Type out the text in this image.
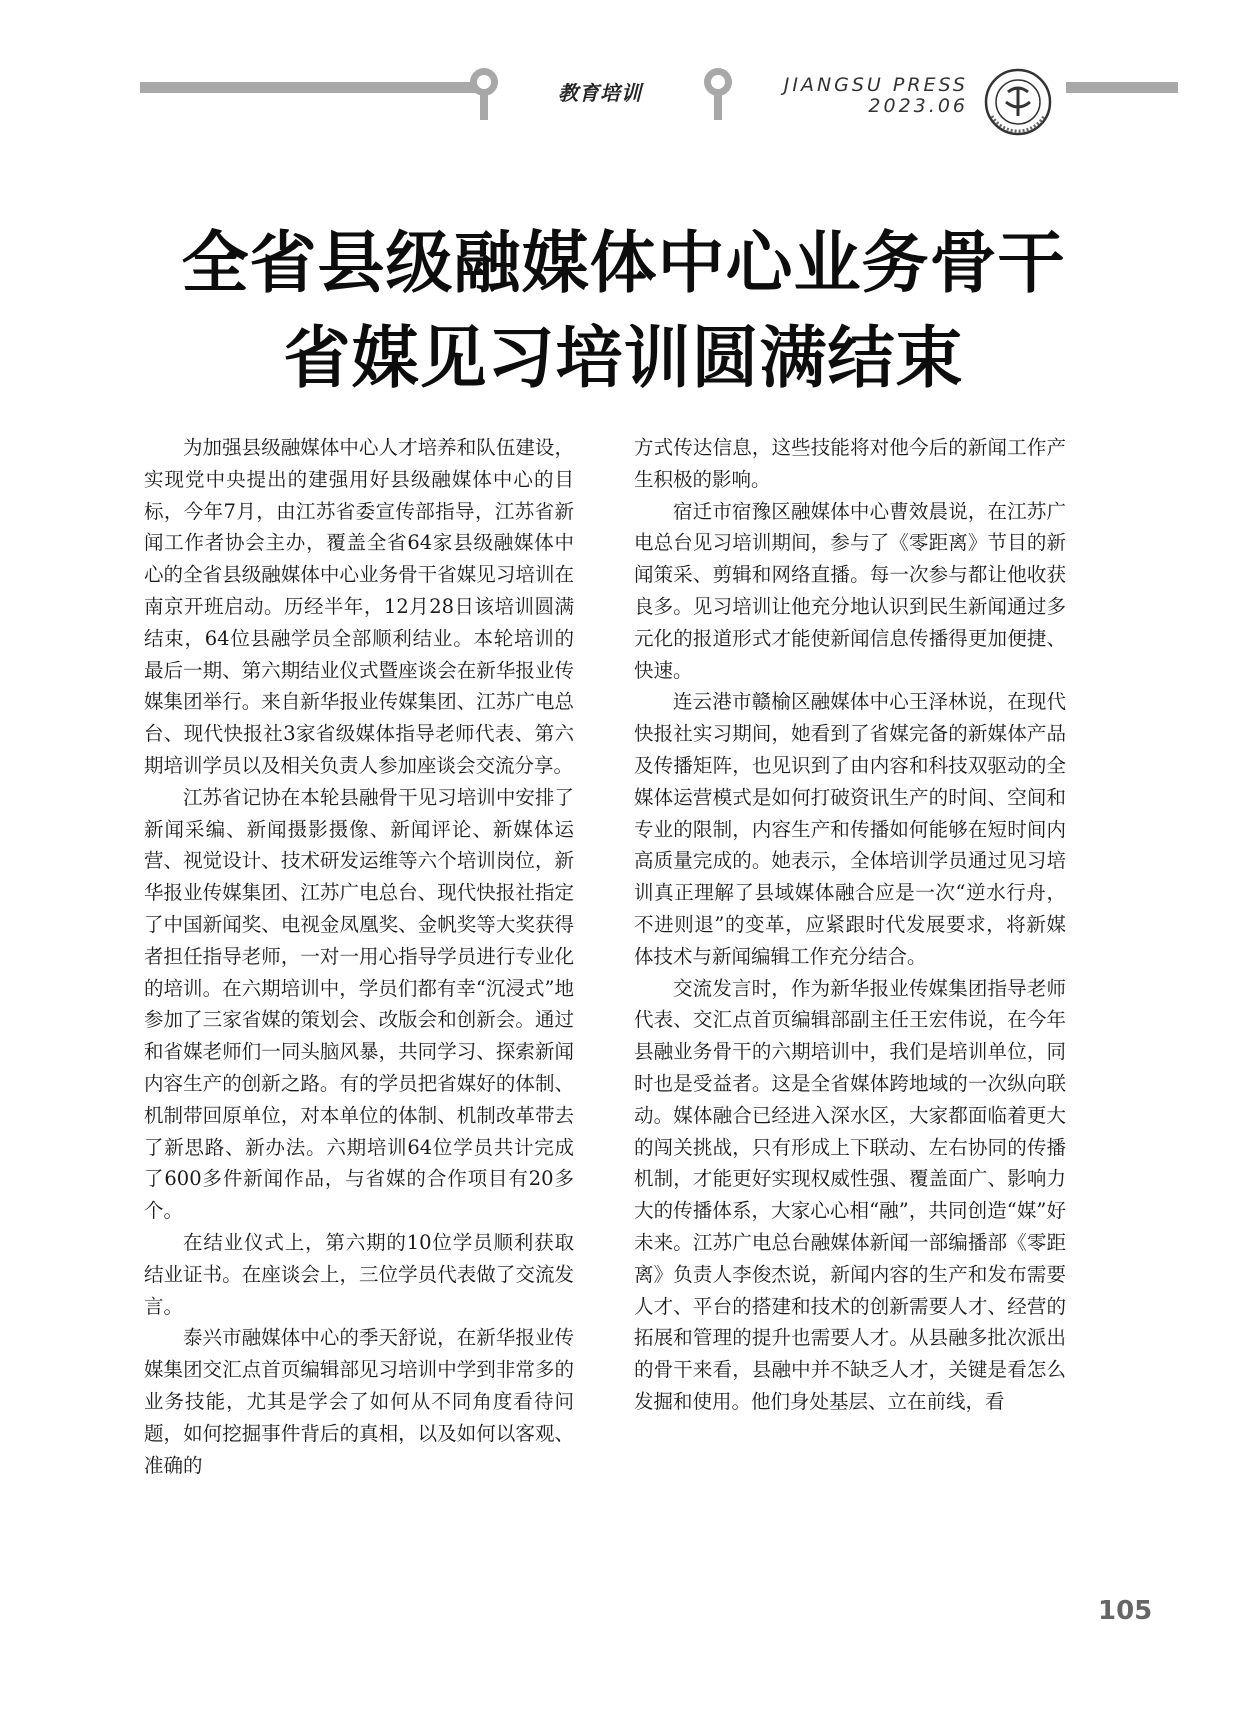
教育培训	JIANGSU PRESS
2023.06
全省县级融媒体中心业务骨干
省媒见习培训圆满结束

为加强县级融媒体中心人才培养和队伍建设，实现党中央提出的建强用好县级融媒体中心的目标，今年7月，由江苏省委宣传部指导，江苏省新闻工作者协会主办，覆盖全省64家县级融媒体中心的全省县级融媒体中心业务骨干省媒见习培训在南京开班启动。历经半年，12月28日该培训圆满结束，64位县融学员全部顺利结业。本轮培训的最后一期、第六期结业仪式暨座谈会在新华报业传媒集团举行。来自新华报业传媒集团、江苏广电总台、现代快报社3家省级媒体指导老师代表、第六期培训学员以及相关负责人参加座谈会交流分享。

江苏省记协在本轮县融骨干见习培训中安排了新闻采编、新闻摄影摄像、新闻评论、新媒体运营、视觉设计、技术研发运维等六个培训岗位，新华报业传媒集团、江苏广电总台、现代快报社指定了中国新闻奖、电视金凤凰奖、金帆奖等大奖获得者担任指导老师，一对一用心指导学员进行专业化的培训。在六期培训中，学员们都有幸“沉浸式”地参加了三家省媒的策划会、改版会和创新会。通过和省媒老师们一同头脑风暴，共同学习、探索新闻内容生产的创新之路。有的学员把省媒好的体制、机制带回原单位，对本单位的体制、机制改革带去了新思路、新办法。六期培训64位学员共计完成了600多件新闻作品，与省媒的合作项目有20多个。

在结业仪式上，第六期的10位学员顺利获取结业证书。在座谈会上，三位学员代表做了交流发言。

泰兴市融媒体中心的季天舒说，在新华报业传媒集团交汇点首页编辑部见习培训中学到非常多的业务技能，尤其是学会了如何从不同角度看待问题，如何挖掘事件背后的真相，以及如何以客观、准确的

方式传达信息，这些技能将对他今后的新闻工作产生积极的影响。

宿迁市宿豫区融媒体中心曹效晨说，在江苏广电总台见习培训期间，参与了《零距离》节目的新闻策采、剪辑和网络直播。每一次参与都让他收获良多。见习培训让他充分地认识到民生新闻通过多元化的报道形式才能使新闻信息传播得更加便捷、快速。

连云港市赣榆区融媒体中心王泽林说，在现代快报社实习期间，她看到了省媒完备的新媒体产品及传播矩阵，也见识到了由内容和科技双驱动的全媒体运营模式是如何打破资讯生产的时间、空间和专业的限制，内容生产和传播如何能够在短时间内高质量完成的。她表示，全体培训学员通过见习培训真正理解了县域媒体融合应是一次“逆水行舟，不进则退”的变革，应紧跟时代发展要求，将新媒体技术与新闻编辑工作充分结合。

交流发言时，作为新华报业传媒集团指导老师代表、交汇点首页编辑部副主任王宏伟说，在今年县融业务骨干的六期培训中，我们是培训单位，同时也是受益者。这是全省媒体跨地域的一次纵向联动。媒体融合已经进入深水区，大家都面临着更大的闯关挑战，只有形成上下联动、左右协同的传播机制，才能更好实现权威性强、覆盖面广、影响力大的传播体系，大家心心相“融”，共同创造“媒”好未来。江苏广电总台融媒体新闻一部编播部《零距离》负责人李俊杰说，新闻内容的生产和发布需要人才、平台的搭建和技术的创新需要人才、经营的拓展和管理的提升也需要人才。从县融多批次派出的骨干来看，县融中并不缺乏人才，关键是看怎么发掘和使用。他们身处基层、立在前线，看

105
